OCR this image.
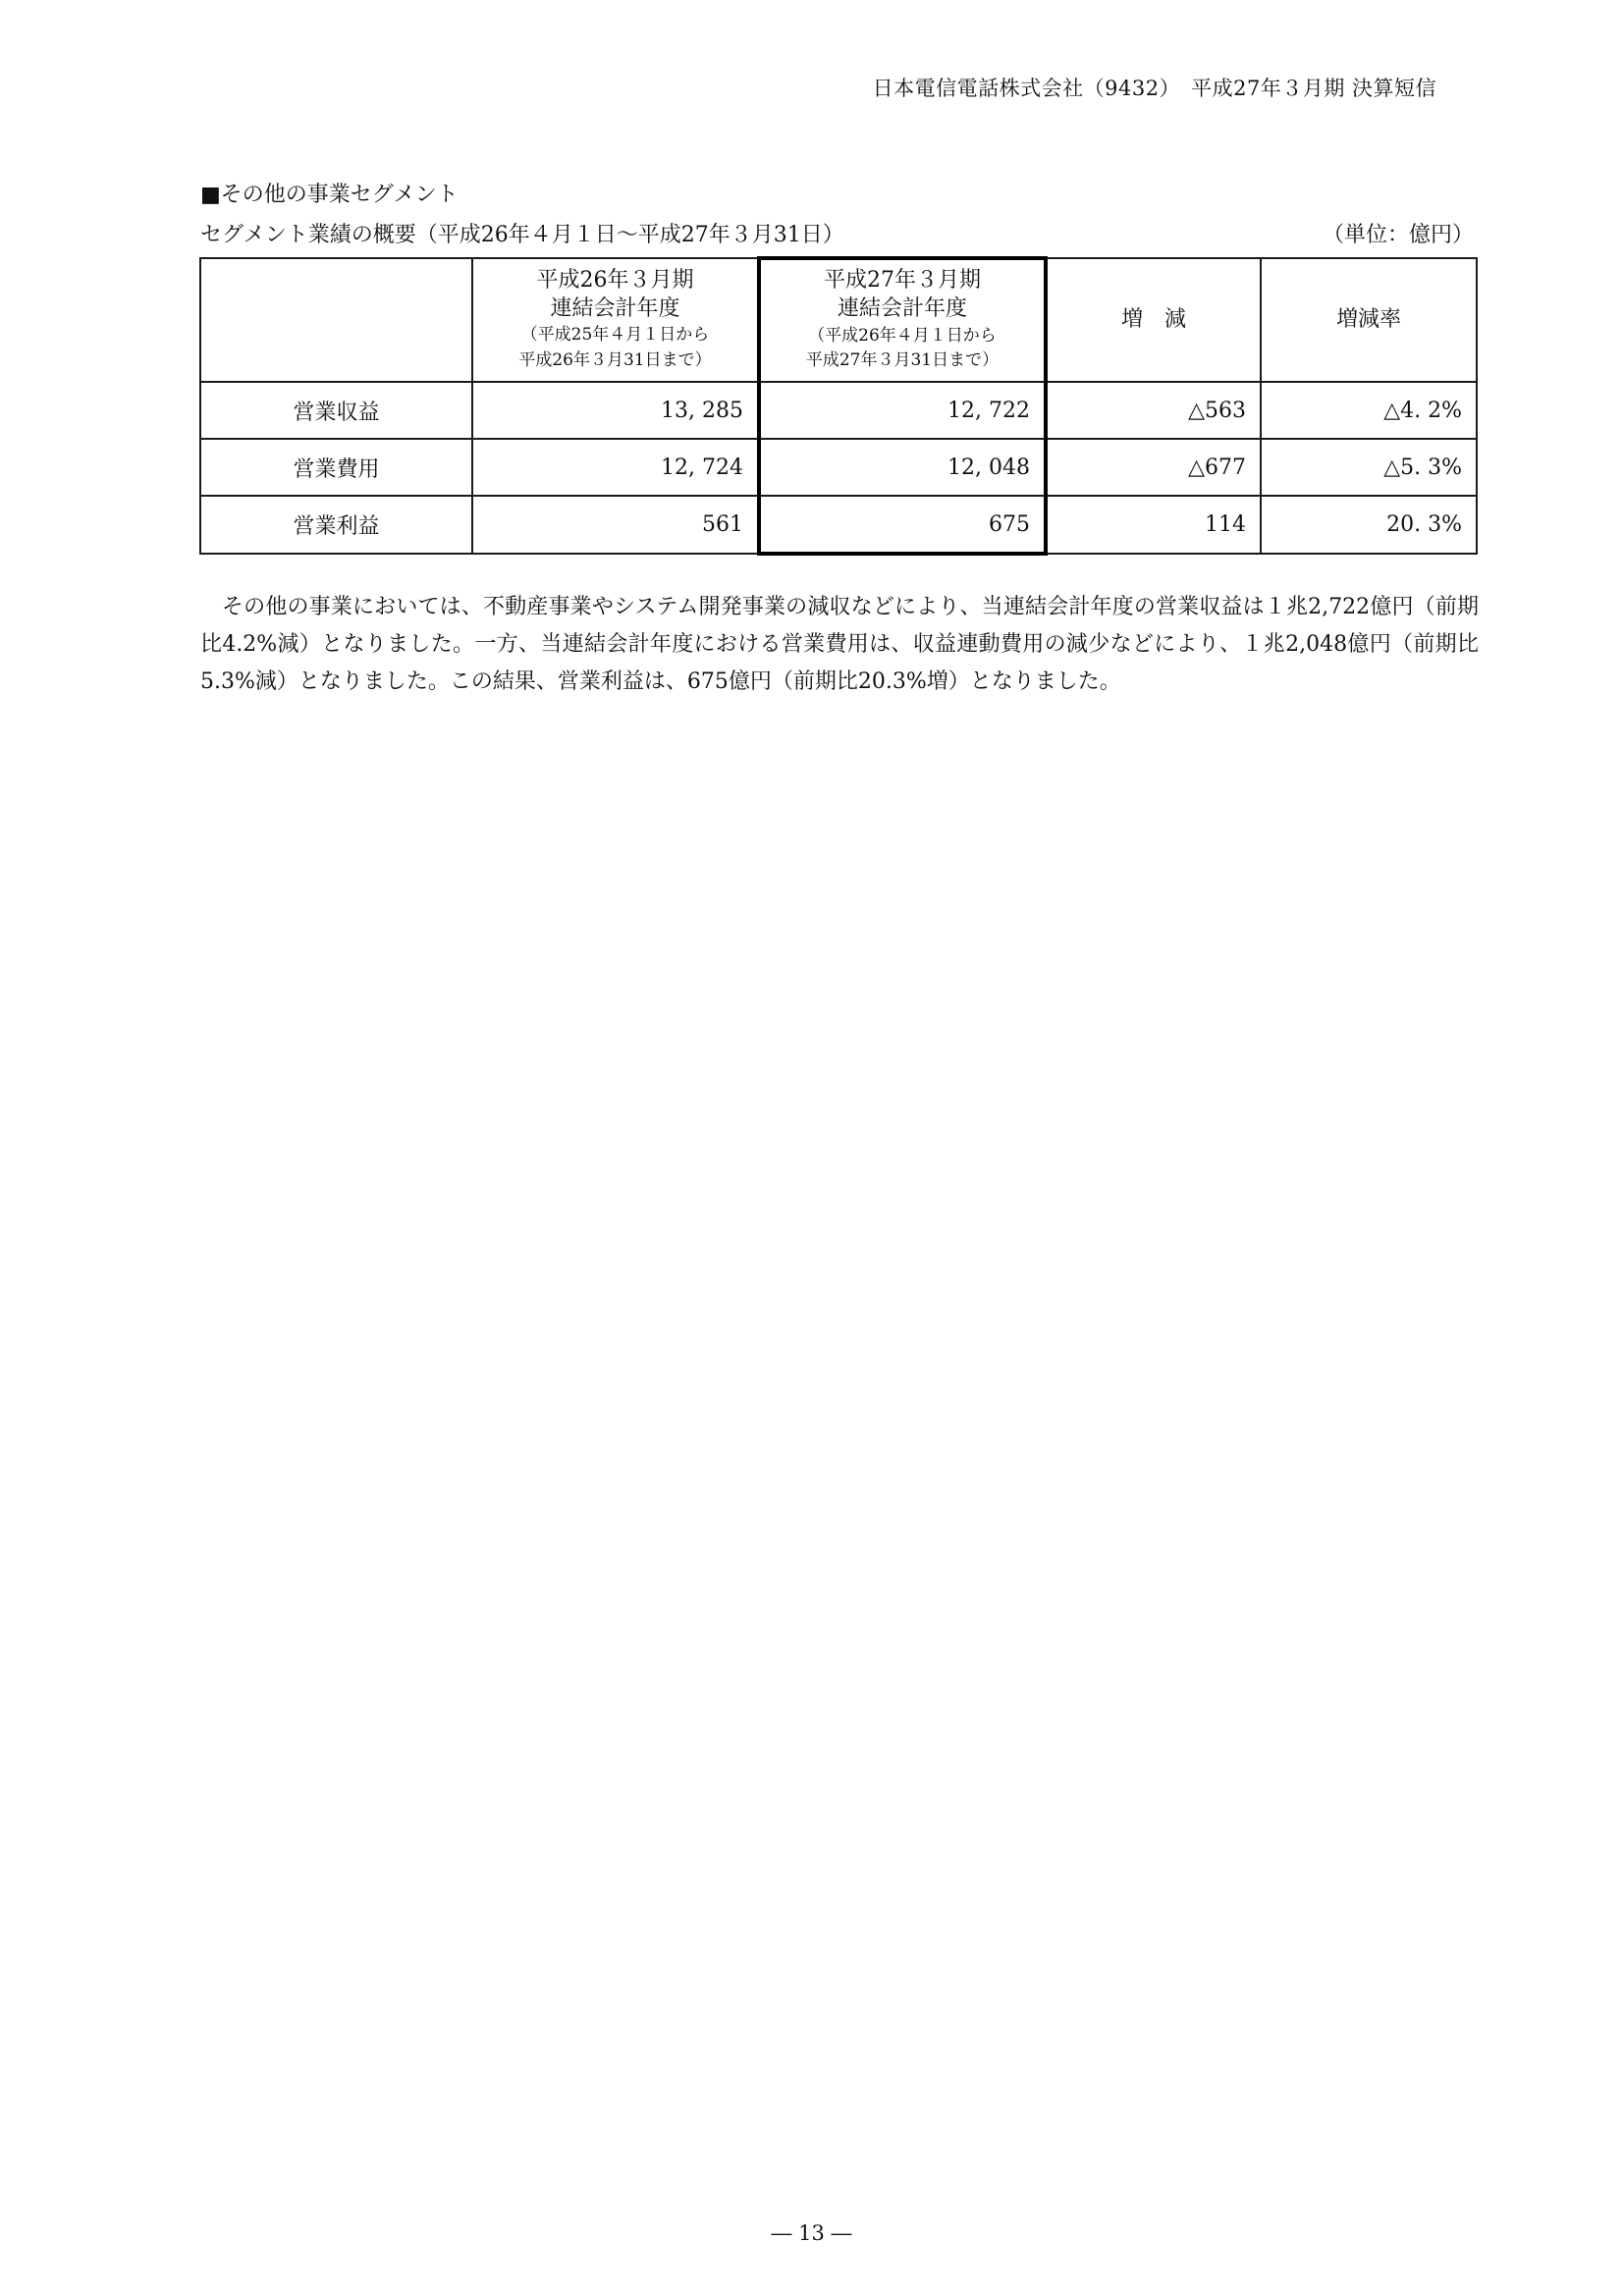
日本電信電話株式会社（9432）　平成27年３月期 決算短信
■その他の事業セグメント
セグメント業績の概要（平成26年４月１日～平成27年３月31日）	（単位：億円）
	平成26年３月期
連結会計年度
（平成25年４月１日から
平成26年３月31日まで）	平成27年３月期
連結会計年度
（平成26年４月１日から
平成27年３月31日まで）	増　減	増減率
営業収益	13, 285	12, 722	△563	△4. 2%
営業費用	12, 724	12, 048	△677	△5. 3%
営業利益	561	675	114	20. 3%

その他の事業においては、不動産事業やシステム開発事業の減収などにより、当連結会計年度の営業収益は１兆2,722億円（前期比4.2%減）となりました。一方、当連結会計年度における営業費用は、収益連動費用の減少などにより、１兆2,048億円（前期比5.3%減）となりました。この結果、営業利益は、675億円（前期比20.3%増）となりました。

― 13 ―
